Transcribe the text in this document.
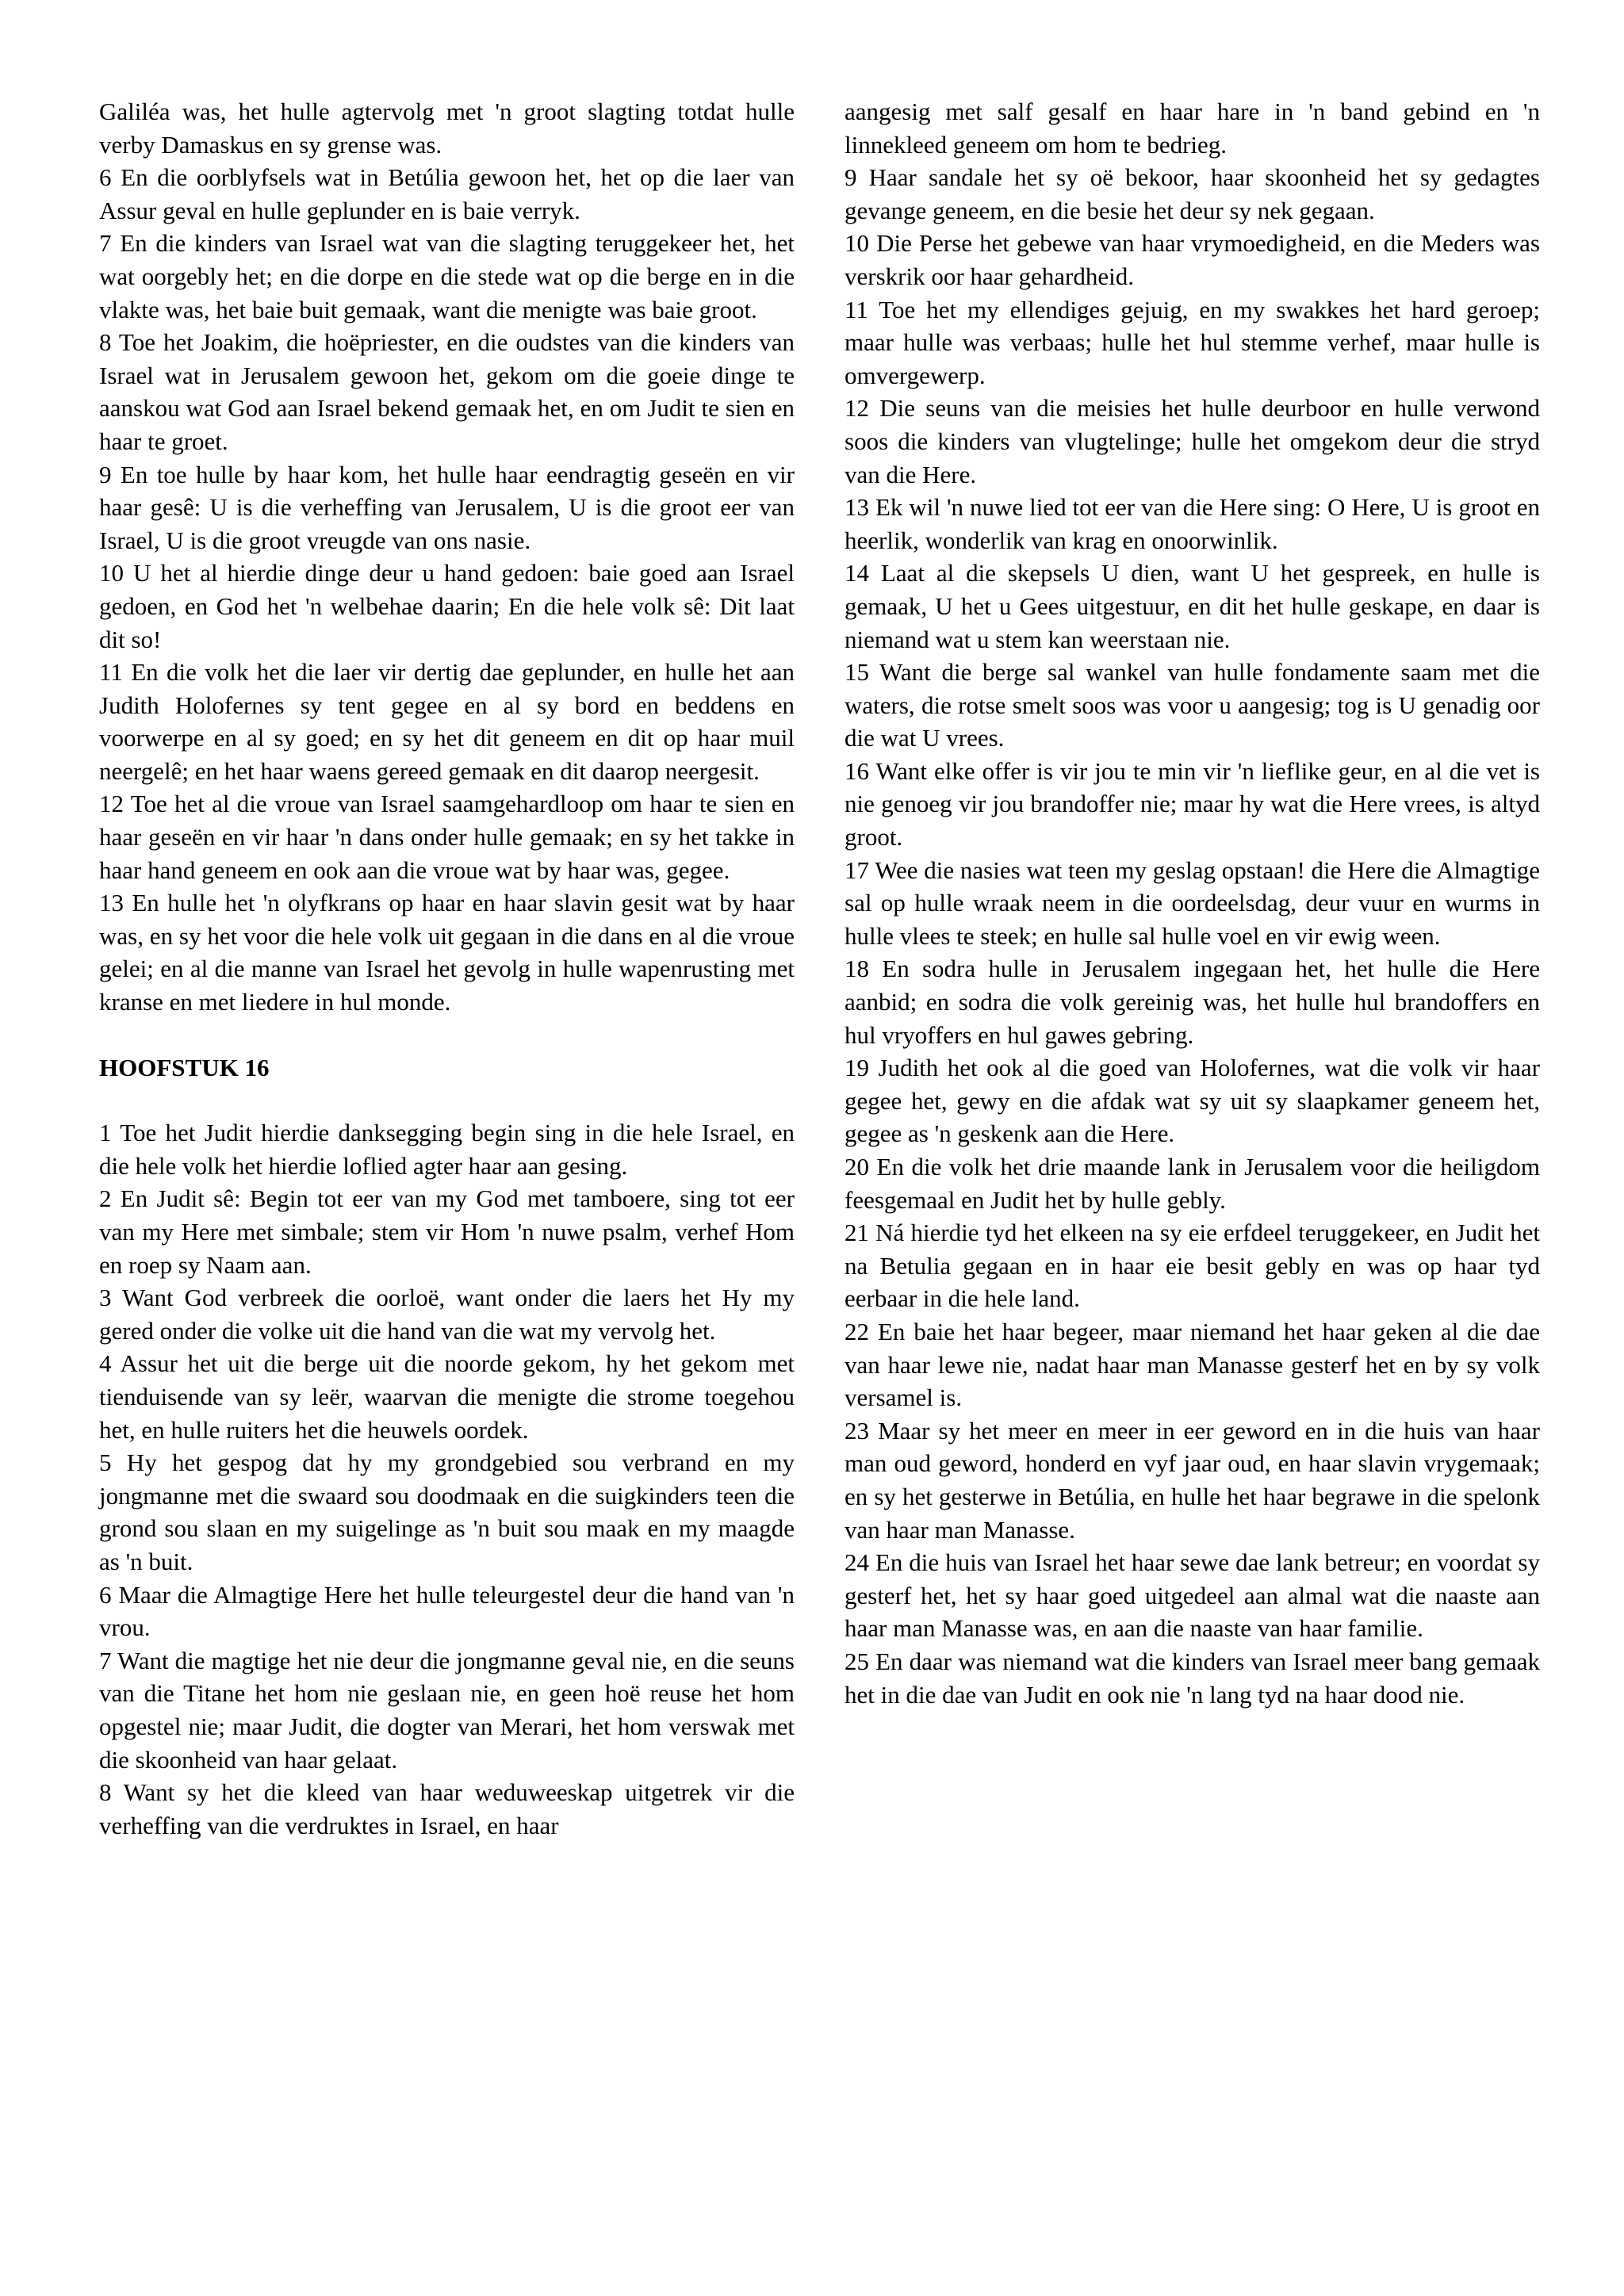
Galiléa was, het hulle agtervolg met 'n groot slagting totdat hulle verby Damaskus en sy grense was.

6 En die oorblyfsels wat in Betúlia gewoon het, het op die laer van Assur geval en hulle geplunder en is baie verryk.

7 En die kinders van Israel wat van die slagting teruggekeer het, het wat oorgebly het; en die dorpe en die stede wat op die berge en in die vlakte was, het baie buit gemaak, want die menigte was baie groot.

8 Toe het Joakim, die hoëpriester, en die oudstes van die kinders van Israel wat in Jerusalem gewoon het, gekom om die goeie dinge te aanskou wat God aan Israel bekend gemaak het, en om Judit te sien en haar te groet.

9 En toe hulle by haar kom, het hulle haar eendragtig geseën en vir haar gesê: U is die verheffing van Jerusalem, U is die groot eer van Israel, U is die groot vreugde van ons nasie.

10 U het al hierdie dinge deur u hand gedoen: baie goed aan Israel gedoen, en God het 'n welbehae daarin; En die hele volk sê: Dit laat dit so!

11 En die volk het die laer vir dertig dae geplunder, en hulle het aan Judith Holofernes sy tent gegee en al sy bord en beddens en voorwerpe en al sy goed; en sy het dit geneem en dit op haar muil neergelê; en het haar waens gereed gemaak en dit daarop neergesit.

12 Toe het al die vroue van Israel saamgehardloop om haar te sien en haar geseën en vir haar 'n dans onder hulle gemaak; en sy het takke in haar hand geneem en ook aan die vroue wat by haar was, gegee.

13 En hulle het 'n olyfkrans op haar en haar slavin gesit wat by haar was, en sy het voor die hele volk uit gegaan in die dans en al die vroue gelei; en al die manne van Israel het gevolg in hulle wapenrusting met kranse en met liedere in hul monde.

HOOFSTUK 16

1 Toe het Judit hierdie danksegging begin sing in die hele Israel, en die hele volk het hierdie loflied agter haar aan gesing.

2 En Judit sê: Begin tot eer van my God met tamboere, sing tot eer van my Here met simbale; stem vir Hom 'n nuwe psalm, verhef Hom en roep sy Naam aan.

3 Want God verbreek die oorloë, want onder die laers het Hy my gered onder die volke uit die hand van die wat my vervolg het.

4 Assur het uit die berge uit die noorde gekom, hy het gekom met tienduisende van sy leër, waarvan die menigte die strome toegehou het, en hulle ruiters het die heuwels oordek.

5 Hy het gespog dat hy my grondgebied sou verbrand en my jongmanne met die swaard sou doodmaak en die suigkinders teen die grond sou slaan en my suigelinge as 'n buit sou maak en my maagde as 'n buit.

6 Maar die Almagtige Here het hulle teleurgestel deur die hand van 'n vrou.

7 Want die magtige het nie deur die jongmanne geval nie, en die seuns van die Titane het hom nie geslaan nie, en geen hoë reuse het hom opgestel nie; maar Judit, die dogter van Merari, het hom verswak met die skoonheid van haar gelaat.

8 Want sy het die kleed van haar weduweeskap uitgetrek vir die verheffing van die verdruktes in Israel, en haar

aangesig met salf gesalf en haar hare in 'n band gebind en 'n linnekleed geneem om hom te bedrieg.

9 Haar sandale het sy oë bekoor, haar skoonheid het sy gedagtes gevange geneem, en die besie het deur sy nek gegaan.

10 Die Perse het gebewe van haar vrymoedigheid, en die Meders was verskrik oor haar gehardheid.

11 Toe het my ellendiges gejuig, en my swakkes het hard geroep; maar hulle was verbaas; hulle het hul stemme verhef, maar hulle is omvergewerp.

12 Die seuns van die meisies het hulle deurboor en hulle verwond soos die kinders van vlugtelinge; hulle het omgekom deur die stryd van die Here.

13 Ek wil 'n nuwe lied tot eer van die Here sing: O Here, U is groot en heerlik, wonderlik van krag en onoorwinlik.

14 Laat al die skepsels U dien, want U het gespreek, en hulle is gemaak, U het u Gees uitgestuur, en dit het hulle geskape, en daar is niemand wat u stem kan weerstaan nie.

15 Want die berge sal wankel van hulle fondamente saam met die waters, die rotse smelt soos was voor u aangesig; tog is U genadig oor die wat U vrees.

16 Want elke offer is vir jou te min vir 'n lieflike geur, en al die vet is nie genoeg vir jou brandoffer nie; maar hy wat die Here vrees, is altyd groot.

17 Wee die nasies wat teen my geslag opstaan! die Here die Almagtige sal op hulle wraak neem in die oordeelsdag, deur vuur en wurms in hulle vlees te steek; en hulle sal hulle voel en vir ewig ween.

18 En sodra hulle in Jerusalem ingegaan het, het hulle die Here aanbid; en sodra die volk gereinig was, het hulle hul brandoffers en hul vryoffers en hul gawes gebring.

19 Judith het ook al die goed van Holofernes, wat die volk vir haar gegee het, gewy en die afdak wat sy uit sy slaapkamer geneem het, gegee as 'n geskenk aan die Here.

20 En die volk het drie maande lank in Jerusalem voor die heiligdom feesgemaal en Judit het by hulle gebly.

21 Ná hierdie tyd het elkeen na sy eie erfdeel teruggekeer, en Judit het na Betulia gegaan en in haar eie besit gebly en was op haar tyd eerbaar in die hele land.

22 En baie het haar begeer, maar niemand het haar geken al die dae van haar lewe nie, nadat haar man Manasse gesterf het en by sy volk versamel is.

23 Maar sy het meer en meer in eer geword en in die huis van haar man oud geword, honderd en vyf jaar oud, en haar slavin vrygemaak; en sy het gesterwe in Betúlia, en hulle het haar begrawe in die spelonk van haar man Manasse.

24 En die huis van Israel het haar sewe dae lank betreur; en voordat sy gesterf het, het sy haar goed uitgedeel aan almal wat die naaste aan haar man Manasse was, en aan die naaste van haar familie.

25 En daar was niemand wat die kinders van Israel meer bang gemaak het in die dae van Judit en ook nie 'n lang tyd na haar dood nie.
